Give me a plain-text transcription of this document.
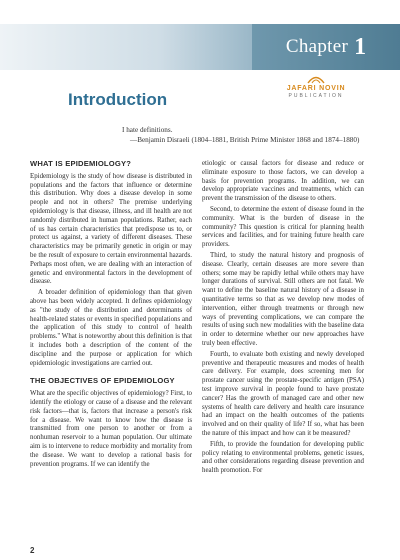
Chapter 1
JAFARI NOVIN
PUBLICATION
Introduction
I hate definitions.
—Benjamin Disraeli (1804–1881, British Prime Minister 1868 and 1874–1880)
WHAT IS EPIDEMIOLOGY?

Epidemiology is the study of how disease is distributed in populations and the factors that influence or determine this distribution. Why does a disease develop in some people and not in others? The premise underlying epidemiology is that disease, illness, and ill health are not randomly distributed in human populations. Rather, each of us has certain characteristics that predispose us to, or protect us against, a variety of different diseases. These characteristics may be primarily genetic in origin or may be the result of exposure to certain environmental hazards. Perhaps most often, we are dealing with an interaction of genetic and environmental factors in the development of disease.

A broader definition of epidemiology than that given above has been widely accepted. It defines epidemiology as "the study of the distribution and determinants of health-related states or events in specified populations and the application of this study to control of health problems." What is noteworthy about this definition is that it includes both a description of the content of the discipline and the purpose or application for which epidemiologic investigations are carried out.

THE OBJECTIVES OF EPIDEMIOLOGY

What are the specific objectives of epidemiology? First, to identify the etiology or cause of a disease and the relevant risk factors—that is, factors that increase a person's risk for a disease. We want to know how the disease is transmitted from one person to another or from a nonhuman reservoir to a human population. Our ultimate aim is to intervene to reduce morbidity and mortality from the disease. We want to develop a rational basis for prevention programs. If we can identify the

etiologic or causal factors for disease and reduce or eliminate exposure to those factors, we can develop a basis for prevention programs. In addition, we can develop appropriate vaccines and treatments, which can prevent the transmission of the disease to others.

Second, to determine the extent of disease found in the community. What is the burden of disease in the community? This question is critical for planning health services and facilities, and for training future health care providers.

Third, to study the natural history and prognosis of disease. Clearly, certain diseases are more severe than others; some may be rapidly lethal while others may have longer durations of survival. Still others are not fatal. We want to define the baseline natural history of a disease in quantitative terms so that as we develop new modes of intervention, either through treatments or through new ways of preventing complications, we can compare the results of using such new modalities with the baseline data in order to determine whether our new approaches have truly been effective.

Fourth, to evaluate both existing and newly developed preventive and therapeutic measures and modes of health care delivery. For example, does screening men for prostate cancer using the prostate-specific antigen (PSA) test improve survival in people found to have prostate cancer? Has the growth of managed care and other new systems of health care delivery and health care insurance had an impact on the health outcomes of the patients involved and on their quality of life? If so, what has been the nature of this impact and how can it be measured?

Fifth, to provide the foundation for developing public policy relating to environmental problems, genetic issues, and other considerations regarding disease prevention and health promotion. For

2
